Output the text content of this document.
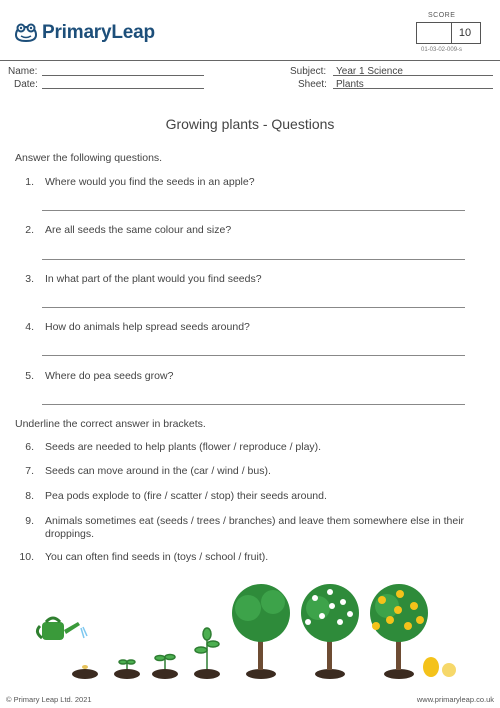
PrimaryLeap
SCORE
10
01-03-02-009-s
Name:
Date:
Subject: Year 1 Science
Sheet: Plants
Growing plants - Questions
Answer the following questions.
1. Where would you find the seeds in an apple?
2. Are all seeds the same colour and size?
3. In what part of the plant would you find seeds?
4. How do animals help spread seeds around?
5. Where do pea seeds grow?
Underline the correct answer in brackets.
6. Seeds are needed to help plants (flower / reproduce / play).
7. Seeds can move around in the (car / wind / bus).
8. Pea pods explode to (fire / scatter / stop) their seeds around.
9. Animals sometimes eat (seeds / trees / branches) and leave them somewhere else in their droppings.
10. You can often find seeds in (toys / school / fruit).
© Primary Leap Ltd. 2021	www.primaryleap.co.uk
